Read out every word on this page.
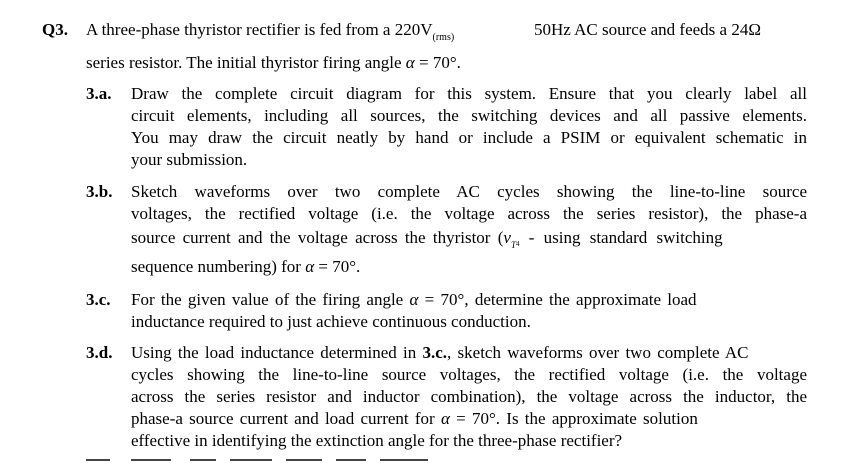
Q3. A three-phase thyristor rectifier is fed from a $220V_{(rms)}$	50Hz AC source and feeds a 24Ω
series resistor. The initial thyristor firing angle α = 70°.
3.a. Draw the complete circuit diagram for this system. Ensure that you clearly label all
circuit elements, including all sources, the switching devices and all passive elements.
You may draw the circuit neatly by hand or include a PSIM or equivalent schematic in
your submission.
3.b. Sketch waveforms over two complete AC cycles showing the line-to-line source
voltages, the rectified voltage (i.e. the voltage across the series resistor), the phase-a
source current and the voltage across the thyristor ($v_T4$ - using standard switching
sequence numbering) for α = 70°.
3.c. For the given value of the firing angle α = 70°, determine the approximate load
inductance required to just achieve continuous conduction.
3.d. Using the load inductance determined in 3.c., sketch waveforms over two complete AC
cycles showing the line-to-line source voltages, the rectified voltage (i.e. the voltage
across the series resistor and inductor combination), the voltage across the inductor, the
phase-a source current and load current for α = 70°. Is the approximate solution
effective in identifying the extinction angle for the three-phase rectifier?
